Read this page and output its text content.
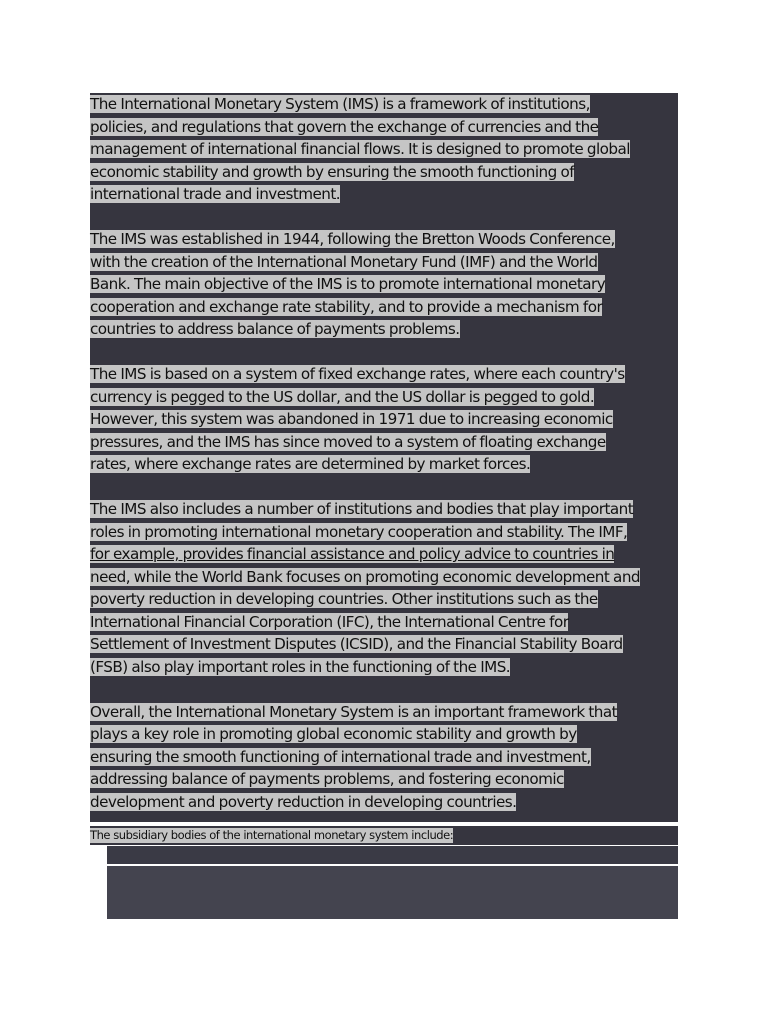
The International Monetary System (IMS) is a framework of institutions,
policies, and regulations that govern the exchange of currencies and the
management of international financial flows. It is designed to promote global
economic stability and growth by ensuring the smooth functioning of
international trade and investment.
The IMS was established in 1944, following the Bretton Woods Conference,
with the creation of the International Monetary Fund (IMF) and the World
Bank. The main objective of the IMS is to promote international monetary
cooperation and exchange rate stability, and to provide a mechanism for
countries to address balance of payments problems.
The IMS is based on a system of fixed exchange rates, where each country's
currency is pegged to the US dollar, and the US dollar is pegged to gold.
However, this system was abandoned in 1971 due to increasing economic
pressures, and the IMS has since moved to a system of floating exchange
rates, where exchange rates are determined by market forces.
The IMS also includes a number of institutions and bodies that play important
roles in promoting international monetary cooperation and stability. The IMF,
for example, provides financial assistance and policy advice to countries in
need, while the World Bank focuses on promoting economic development and
poverty reduction in developing countries. Other institutions such as the
International Financial Corporation (IFC), the International Centre for
Settlement of Investment Disputes (ICSID), and the Financial Stability Board
(FSB) also play important roles in the functioning of the IMS.
Overall, the International Monetary System is an important framework that
plays a key role in promoting global economic stability and growth by
ensuring the smooth functioning of international trade and investment,
addressing balance of payments problems, and fostering economic
development and poverty reduction in developing countries.
The subsidiary bodies of the international monetary system include:
